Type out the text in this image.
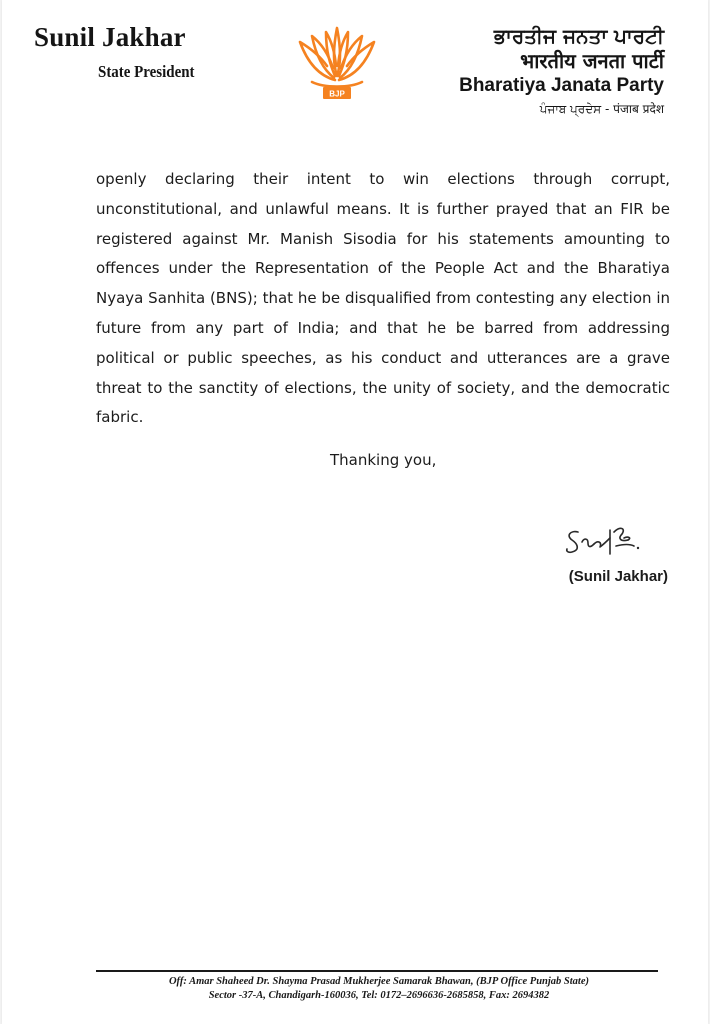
Sunil Jakhar
State President
BJP
ਭਾਰਤੀਜ ਜਨਤਾ ਪਾਰਟੀ
भारतीय जनता पार्टी
Bharatiya Janata Party
ਪੰਜਾਬ ਪ੍ਰਦੇਸ - पंजाब प्रदेश

openly declaring their intent to win elections through corrupt, unconstitutional, and unlawful means. It is further prayed that an FIR be registered against Mr. Manish Sisodia for his statements amounting to offences under the Representation of the People Act and the Bharatiya Nyaya Sanhita (BNS); that he be disqualified from contesting any election in future from any part of India; and that he be barred from addressing political or public speeches, as his conduct and utterances are a grave threat to the sanctity of elections, the unity of society, and the democratic fabric.

Thanking you,
(Sunil Jakhar)
Off: Amar Shaheed Dr. Shayma Prasad Mukherjee Samarak Bhawan, (BJP Office Punjab State)
Sector -37-A, Chandigarh-160036, Tel: 0172–2696636-2685858, Fax: 2694382
